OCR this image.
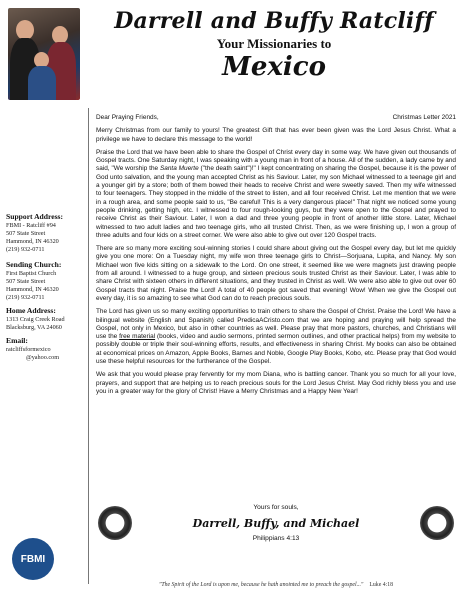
Darrell and Buffy Ratcliff
Your Missionaries to
Mexico
Support Address:
FBMI - Ratcliff #94
507 State Street
Hammond, IN 46320
(219) 932-0711
Sending Church:
First Baptist Church
507 State Street
Hammond, IN 46320
(219) 932-0711
Home Address:
1313 Craig Creek Road
Blacksburg, VA 24060
Email:
ratcliffsformexico
@yahoo.com
Dear Praying Friends,	Christmas Letter 2021

Merry Christmas from our family to yours! The greatest Gift that has ever been given was the Lord Jesus Christ. What a privilege we have to declare this message to the world!

Praise the Lord that we have been able to share the Gospel of Christ every day in some way. We have given out thousands of Gospel tracts. One Saturday night, I was speaking with a young man in front of a house. All of the sudden, a lady came by and said, "We worship the Santa Muerte ("the death saint")!" I kept concentrating on sharing the Gospel, because it is the power of God unto salvation, and the young man accepted Christ as his Saviour. Later, my son Michael witnessed to a teenage girl and a younger girl by a store; both of them bowed their heads to receive Christ and were sweetly saved. Then my wife witnessed to four teenagers. They stopped in the middle of the street to listen, and all four received Christ. Let me mention that we were in a rough area, and some people said to us, "Be careful! This is a very dangerous place!" That night we noticed some young people drinking, getting high, etc. I witnessed to four rough-looking guys, but they were open to the Gospel and prayed to receive Christ as their Saviour. Later, I won a dad and three young people in front of another little store. Later, Michael witnessed to two adult ladies and two teenage girls, who all trusted Christ. Then, as we were finishing up, I won a group of three adults and four kids on a street corner. We were also able to give out over 120 Gospel tracts.

There are so many more exciting soul-winning stories I could share about giving out the Gospel every day, but let me quickly give you one more: On a Tuesday night, my wife won three teenage girls to Christ—Sorjuana, Lupita, and Nancy. My son Michael won five kids sitting on a sidewalk to the Lord. On one street, it seemed like we were magnets just drawing people from all around. I witnessed to a huge group, and sixteen precious souls trusted Christ as their Saviour. Later, I was able to share Christ with sixteen others in different situations, and they trusted in Christ as well. We were also able to give out over 60 Gospel tracts that night. Praise the Lord! A total of 40 people got saved that evening! Wow! When we give the Gospel out every day, it is so amazing to see what God can do to reach precious souls.

The Lord has given us so many exciting opportunities to train others to share the Gospel of Christ. Praise the Lord! We have a bilingual website (English and Spanish) called PredicaACristo.com that we are hoping and praying will help spread the Gospel, not only in Mexico, but also in other countries as well. Please pray that more pastors, churches, and Christians will use the free material (books, video and audio sermons, printed sermon outlines, and other practical helps) from my website to possibly double or triple their soul-winning efforts, results, and effectiveness in sharing Christ. My books can also be obtained at economical prices on Amazon, Apple Books, Barnes and Noble, Google Play Books, Kobo, etc. Please pray that God would use these helpful resources for the furtherance of the Gospel.

We ask that you would please pray fervently for my mom Diana, who is battling cancer. Thank you so much for all your love, prayers, and support that are helping us to reach precious souls for the Lord Jesus Christ. May God richly bless you and use you in a greater way for the glory of Christ! Have a Merry Christmas and a Happy New Year!

Yours for souls,
Darrell, Buffy, and Michael
Philippians 4:13
FBMI
"The Spirit of the Lord is upon me, because he hath anointed me to preach the gospel..." Luke 4:18
